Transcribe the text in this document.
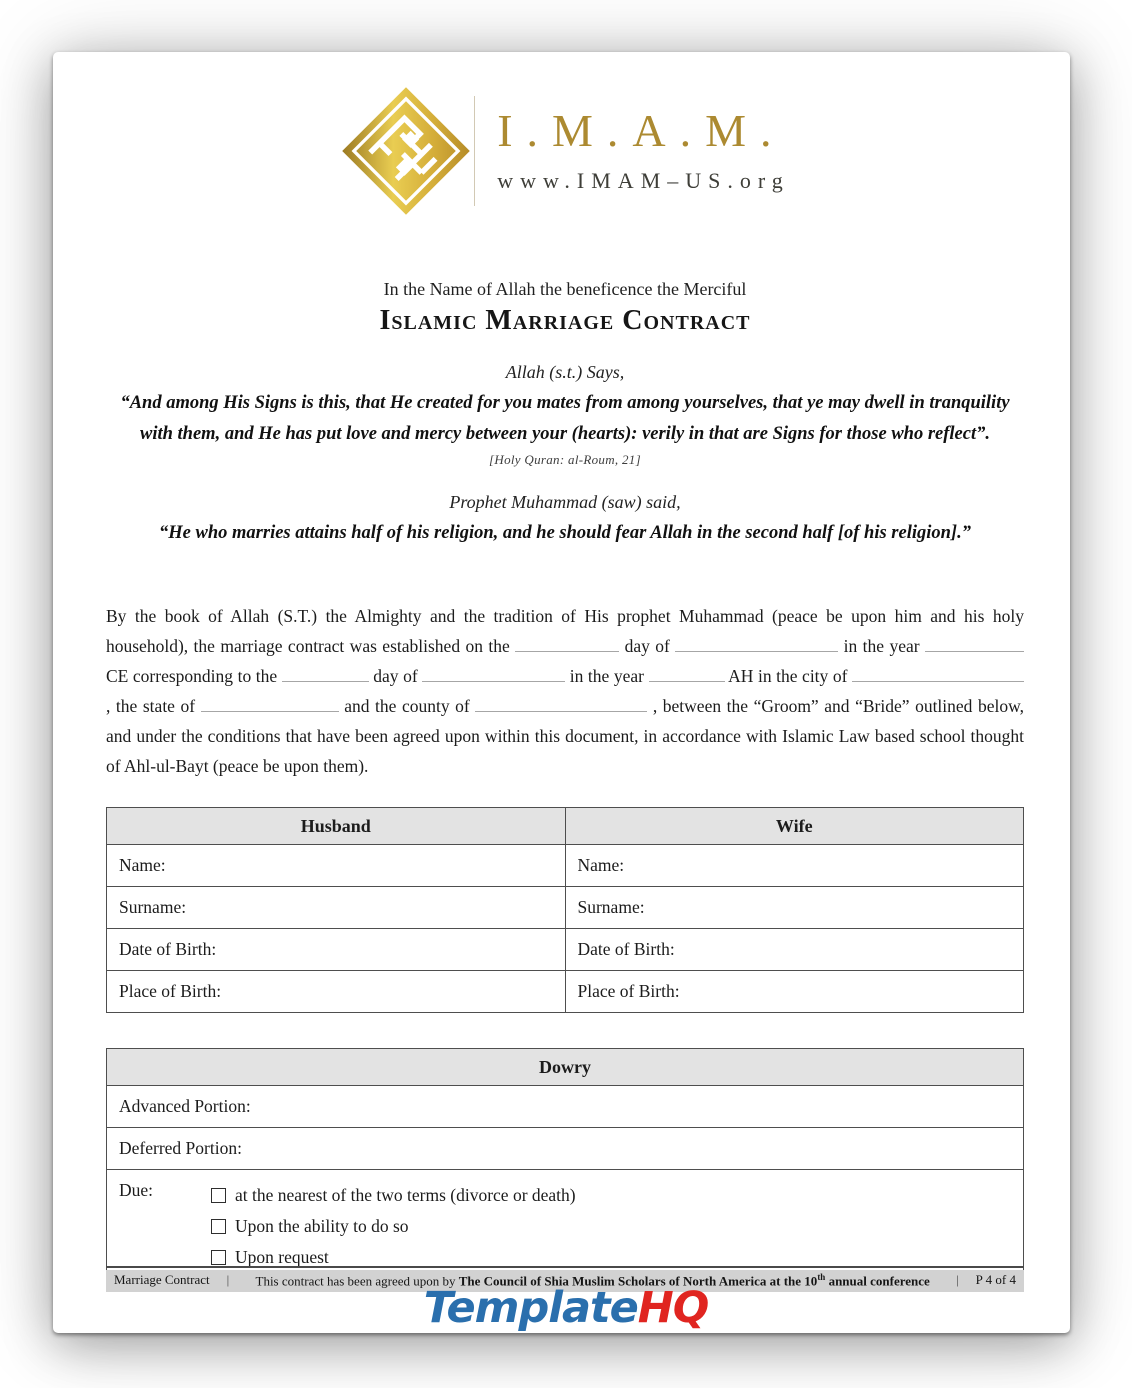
I.M.A.M.
www.IMAM–US.org
In the Name of Allah the beneficence the Merciful
Islamic Marriage Contract
Allah (s.t.) Says,
“And among His Signs is this, that He created for you mates from among yourselves, that ye may dwell in tranquility with them, and He has put love and mercy between your (hearts): verily in that are Signs for those who reflect”.
[Holy Quran: al-Roum, 21]
Prophet Muhammad (saw) said,
“He who marries attains half of his religion, and he should fear Allah in the second half [of his religion].”

By the book of Allah (S.T.) the Almighty and the tradition of His prophet Muhammad (peace be upon him and his holy household), the marriage contract was established on the	day of	in the year  CE corresponding to the	day of	in the year	AH in the city of  , the state of	and the county of	, between the “Groom” and “Bride” outlined below, and under the conditions that have been agreed upon within this document, in accordance with Islamic Law based school thought of Ahl-ul-Bayt (peace be upon them).

Husband	Wife
Name:	Name:
Surname:	Surname:
Date of Birth:	Date of Birth:
Place of Birth:	Place of Birth:
Dowry
Advanced Portion:
Deferred Portion:

Due:	at the nearest of the two terms (divorce or death)
Upon the ability to do so
Upon request
Marriage Contract |	This contract has been agreed upon by The Council of Shia Muslim Scholars of North America at the 10th annual conference	| P 4 of 4
TemplateHQ
